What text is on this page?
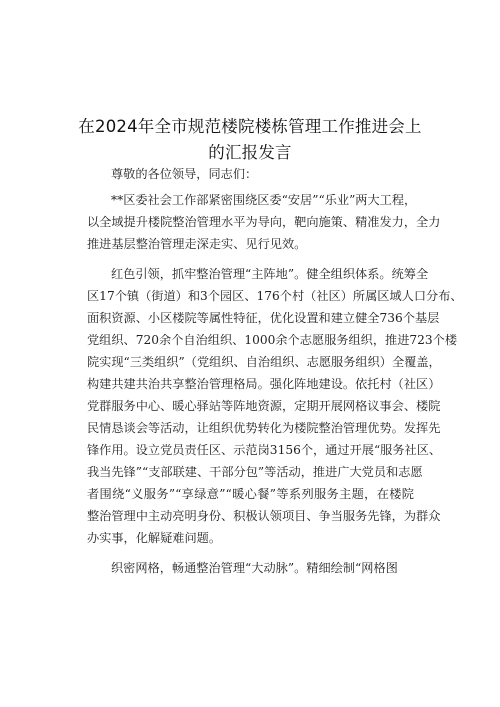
在2024年全市规范楼院楼栋管理工作推进会上
的汇报发言
尊敬的各位领导，同志们：
**区委社会工作部紧密围绕区委“安居”“乐业”两大工程，
以全域提升楼院整治管理水平为导向，靶向施策、精准发力，全力
推进基层整治管理走深走实、见行见效。
红色引领，抓牢整治管理“主阵地”。健全组织体系。统筹全
区17个镇（街道）和3个园区、176个村（社区）所属区域人口分布、
面积资源、小区楼院等属性特征，优化设置和建立健全736个基层
党组织、720余个自治组织、1000余个志愿服务组织，推进723个楼
院实现“三类组织”（党组织、自治组织、志愿服务组织）全覆盖，
构建共建共治共享整治管理格局。强化阵地建设。依托村（社区）
党群服务中心、暖心驿站等阵地资源，定期开展网格议事会、楼院
民情恳谈会等活动，让组织优势转化为楼院整治管理优势。发挥先
锋作用。设立党员责任区、示范岗3156个，通过开展“服务社区、
我当先锋”“支部联建、干部分包”等活动，推进广大党员和志愿
者围绕“义服务”“享绿意”“暖心餐”等系列服务主题，在楼院
整治管理中主动亮明身份、积极认领项目、争当服务先锋，为群众
办实事，化解疑难问题。
织密网格，畅通整治管理“大动脉”。精细绘制“网格图
